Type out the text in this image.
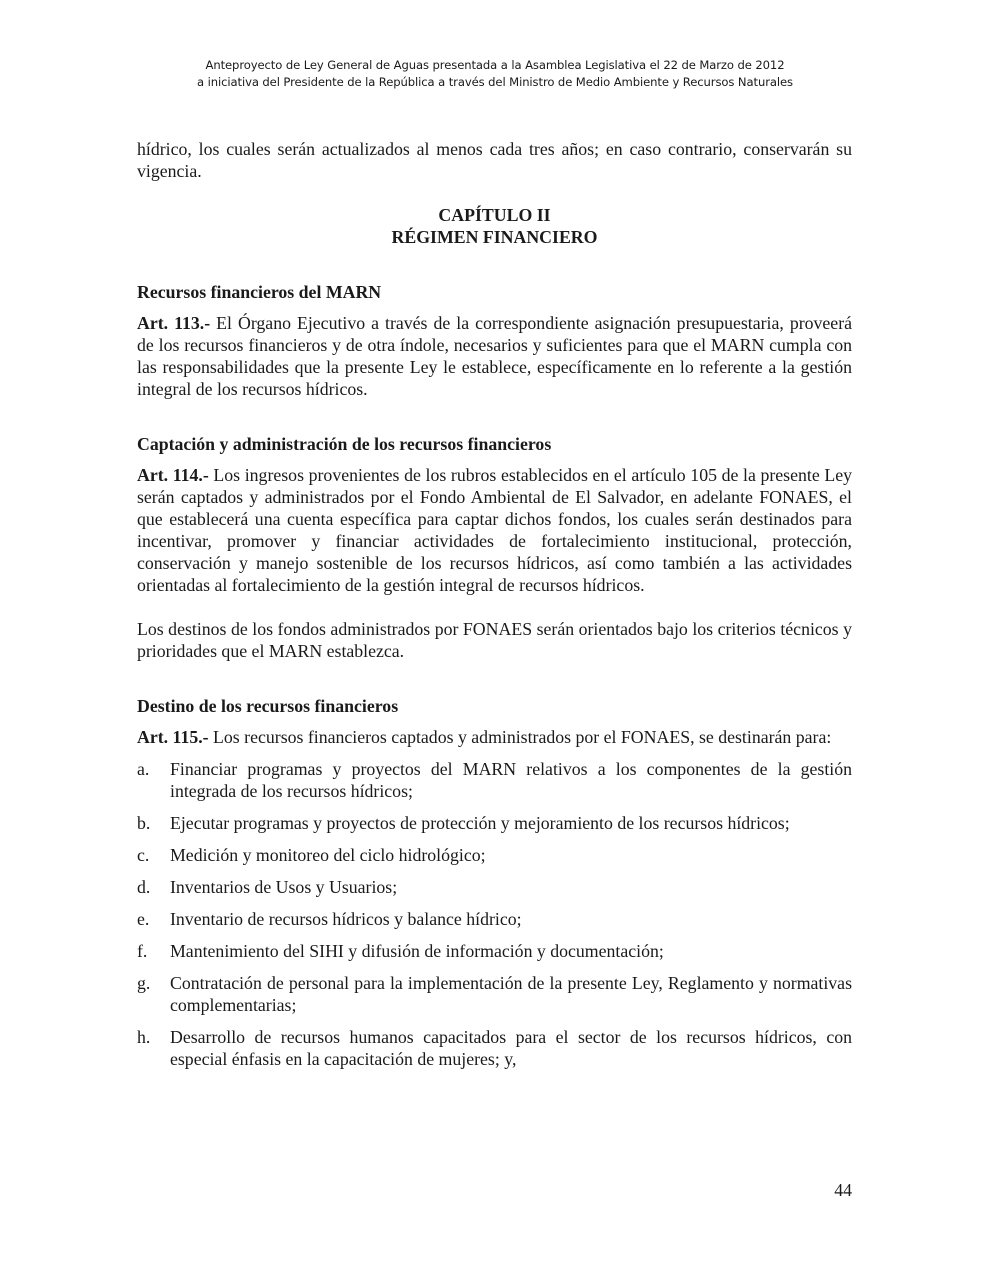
Anteproyecto de Ley General de Aguas presentada a la Asamblea Legislativa el 22 de Marzo de 2012
a iniciativa del Presidente de la República a través del Ministro de Medio Ambiente y Recursos Naturales

hídrico, los cuales serán actualizados al menos cada tres años; en caso contrario, conservarán su vigencia.

CAPÍTULO II

RÉGIMEN FINANCIERO

Recursos financieros del MARN

Art. 113.- El Órgano Ejecutivo a través de la correspondiente asignación presupuestaria, proveerá de los recursos financieros y de otra índole, necesarios y suficientes para que el MARN cumpla con las responsabilidades que la presente Ley le establece, específicamente en lo referente a la gestión integral de los recursos hídricos.

Captación y administración de los recursos financieros

Art. 114.- Los ingresos provenientes de los rubros establecidos en el artículo 105 de la presente Ley serán captados y administrados por el Fondo Ambiental de El Salvador, en adelante FONAES, el que establecerá una cuenta específica para captar dichos fondos, los cuales serán destinados para incentivar, promover y financiar actividades de fortalecimiento institucional, protección, conservación y manejo sostenible de los recursos hídricos, así como también a las actividades orientadas al fortalecimiento de la gestión integral de recursos hídricos.

Los destinos de los fondos administrados por FONAES serán orientados bajo los criterios técnicos y prioridades que el MARN establezca.

Destino de los recursos financieros

Art. 115.- Los recursos financieros captados y administrados por el FONAES, se destinarán para:

a. Financiar programas y proyectos del MARN relativos a los componentes de la gestión integrada de los recursos hídricos;
b. Ejecutar programas y proyectos de protección y mejoramiento de los recursos hídricos;
c. Medición y monitoreo del ciclo hidrológico;
d. Inventarios de Usos y Usuarios;
e. Inventario de recursos hídricos y balance hídrico;
f. Mantenimiento del SIHI y difusión de información y documentación;
g. Contratación de personal para la implementación de la presente Ley, Reglamento y normativas complementarias;
h. Desarrollo de recursos humanos capacitados para el sector de los recursos hídricos, con especial énfasis en la capacitación de mujeres; y,
44
